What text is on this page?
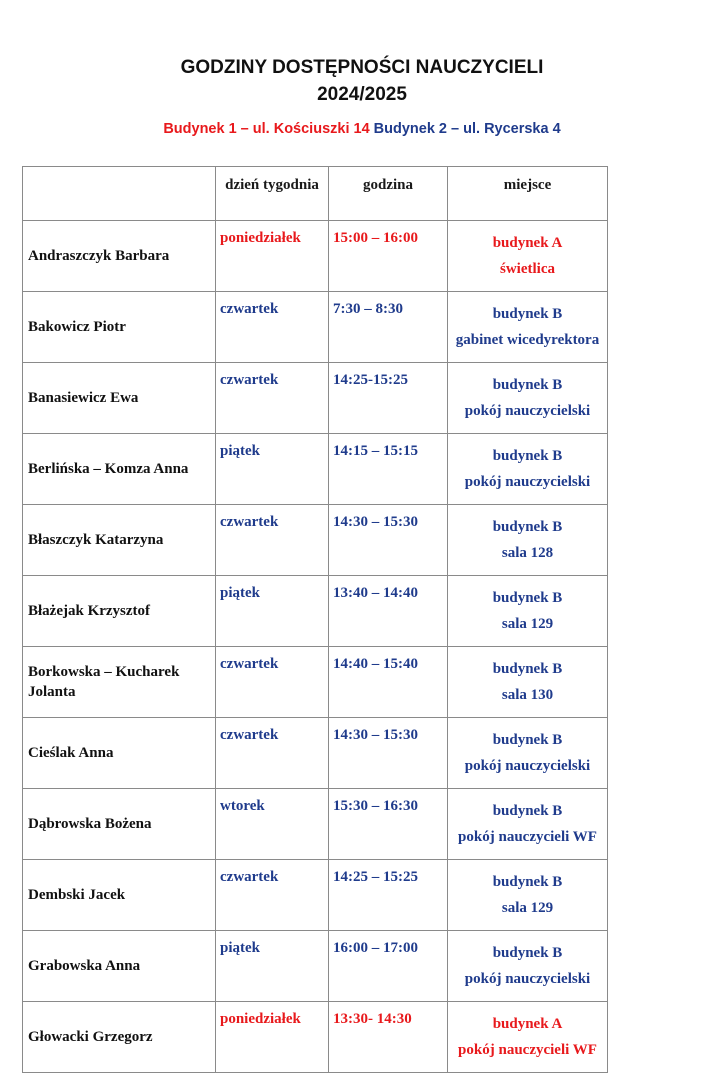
GODZINY DOSTĘPNOŚCI NAUCZYCIELI
2024/2025
Budynek 1 – ul. Kościuszki 14 Budynek 2 – ul. Rycerska 4

	dzień tygodnia	godzina	miejsce

Andraszczyk Barbara	poniedziałek	15:00 – 16:00	budynek A
świetlica

Bakowicz Piotr	czwartek	7:30 – 8:30	budynek B
gabinet wicedyrektora

Banasiewicz Ewa	czwartek	14:25-15:25	budynek B
pokój nauczycielski

Berlińska – Komza Anna	piątek	14:15 – 15:15	budynek B
pokój nauczycielski

Błaszczyk Katarzyna	czwartek	14:30 – 15:30	budynek B
sala 128

Błażejak Krzysztof	piątek	13:40 – 14:40	budynek B
sala 129

Borkowska – Kucharek Jolanta	czwartek	14:40 – 15:40	budynek B
sala 130

Cieślak Anna	czwartek	14:30 – 15:30	budynek B
pokój nauczycielski

Dąbrowska Bożena	wtorek	15:30 – 16:30	budynek B
pokój nauczycieli WF

Dembski Jacek	czwartek	14:25 – 15:25	budynek B
sala 129

Grabowska Anna	piątek	16:00 – 17:00	budynek B
pokój nauczycielski

Głowacki Grzegorz	poniedziałek	13:30- 14:30	budynek A
pokój nauczycieli WF
